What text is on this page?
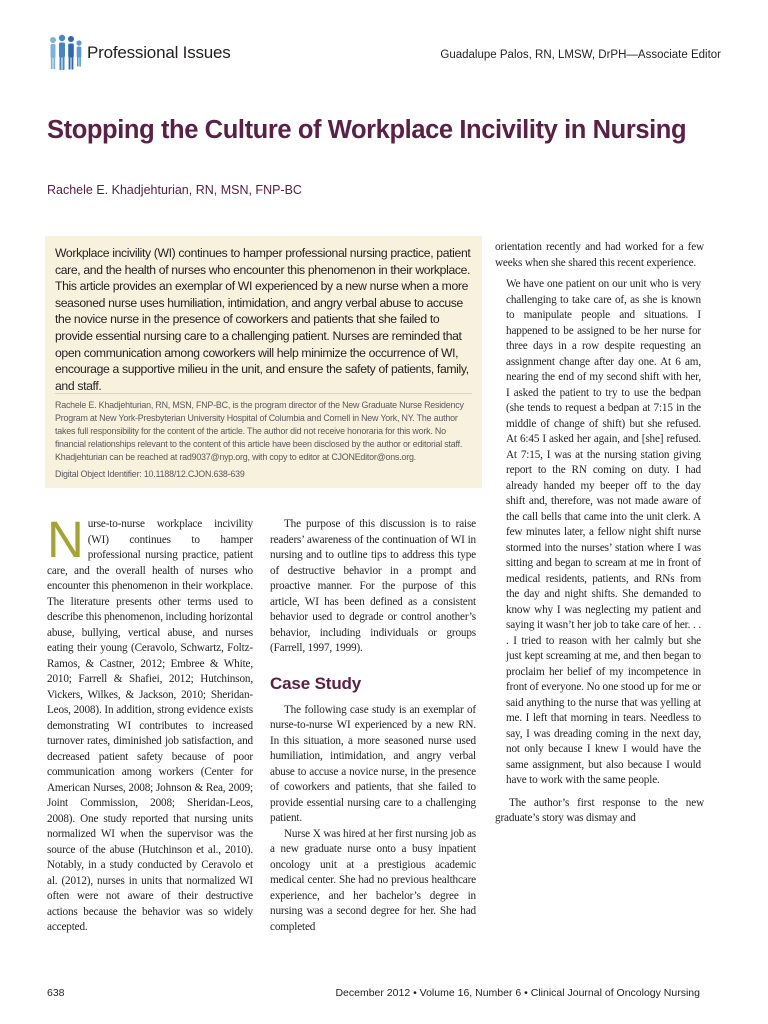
Professional Issues	Guadalupe Palos, RN, LMSW, DrPH—Associate Editor
Stopping the Culture of Workplace Incivility in Nursing
Rachele E. Khadjehturian, RN, MSN, FNP-BC

Workplace incivility (WI) continues to hamper professional nursing practice, patient care, and the health of nurses who encounter this phenomenon in their workplace. This article provides an exemplar of WI experienced by a new nurse when a more seasoned nurse uses humiliation, intimidation, and angry verbal abuse to accuse the novice nurse in the presence of coworkers and patients that she failed to provide essential nursing care to a challenging patient. Nurses are reminded that open communication among coworkers will help minimize the occurrence of WI, encourage a supportive milieu in the unit, and ensure the safety of patients, family, and staff.

Rachele E. Khadjehturian, RN, MSN, FNP-BC, is the program director of the New Graduate Nurse Residency Program at New York-Presbyterian University Hospital of Columbia and Cornell in New York, NY. The author takes full responsibility for the content of the article. The author did not receive honoraria for this work. No financial relationships relevant to the content of this article have been disclosed by the author or editorial staff. Khadjehturian can be reached at rad9037@nyp.org, with copy to editor at CJONEditor@ons.org.

Digital Object Identifier: 10.1188/12.CJON.638-639

N urse-to-nurse workplace incivility (WI) continues to hamper professional nursing practice, patient care, and the overall health of nurses who encounter this phenomenon in their workplace. The literature presents other terms used to describe this phenomenon, including horizontal abuse, bullying, vertical abuse, and nurses eating their young (Ceravolo, Schwartz, Foltz-Ramos, & Castner, 2012; Embree & White, 2010; Farrell & Shafiei, 2012; Hutchinson, Vickers, Wilkes, & Jackson, 2010; Sheridan-Leos, 2008). In addition, strong evidence exists demonstrating WI contributes to increased turnover rates, diminished job satisfaction, and decreased patient safety because of poor communication among workers (Center for American Nurses, 2008; Johnson & Rea, 2009; Joint Commission, 2008; Sheridan-Leos, 2008). One study reported that nursing units normalized WI when the supervisor was the source of the abuse (Hutchinson et al., 2010). Notably, in a study conducted by Ceravolo et al. (2012), nurses in units that normalized WI often were not aware of their destructive actions because the behavior was so widely accepted.

The purpose of this discussion is to raise readers’ awareness of the continuation of WI in nursing and to outline tips to address this type of destructive behavior in a prompt and proactive manner. For the purpose of this article, WI has been defined as a consistent behavior used to degrade or control another’s behavior, including individuals or groups (Farrell, 1997, 1999).

Case Study

The following case study is an exemplar of nurse-to-nurse WI experienced by a new RN. In this situation, a more seasoned nurse used humiliation, intimidation, and angry verbal abuse to accuse a novice nurse, in the presence of coworkers and patients, that she failed to provide essential nursing care to a challenging patient.

Nurse X was hired at her first nursing job as a new graduate nurse onto a busy inpatient oncology unit at a prestigious academic medical center. She had no previous healthcare experience, and her bachelor’s degree in nursing was a second degree for her. She had completed

orientation recently and had worked for a few weeks when she shared this recent experience.

We have one patient on our unit who is very challenging to take care of, as she is known to manipulate people and situations. I happened to be assigned to be her nurse for three days in a row despite requesting an assignment change after day one. At 6 am, nearing the end of my second shift with her, I asked the patient to try to use the bedpan (she tends to request a bedpan at 7:15 in the middle of change of shift) but she refused. At 6:45 I asked her again, and [she] refused. At 7:15, I was at the nursing station giving report to the RN coming on duty. I had already handed my beeper off to the day shift and, therefore, was not made aware of the call bells that came into the unit clerk. A few minutes later, a fellow night shift nurse stormed into the nurses’ station where I was sitting and began to scream at me in front of medical residents, patients, and RNs from the day and night shifts. She demanded to know why I was neglecting my patient and saying it wasn’t her job to take care of her. . . . I tried to reason with her calmly but she just kept screaming at me, and then began to proclaim her belief of my incompetence in front of everyone. No one stood up for me or said anything to the nurse that was yelling at me. I left that morning in tears. Needless to say, I was dreading coming in the next day, not only because I knew I would have the same assignment, but also because I would have to work with the same people.

The author’s first response to the new graduate’s story was dismay and

638	December 2012 • Volume 16, Number 6 • Clinical Journal of Oncology Nursing
